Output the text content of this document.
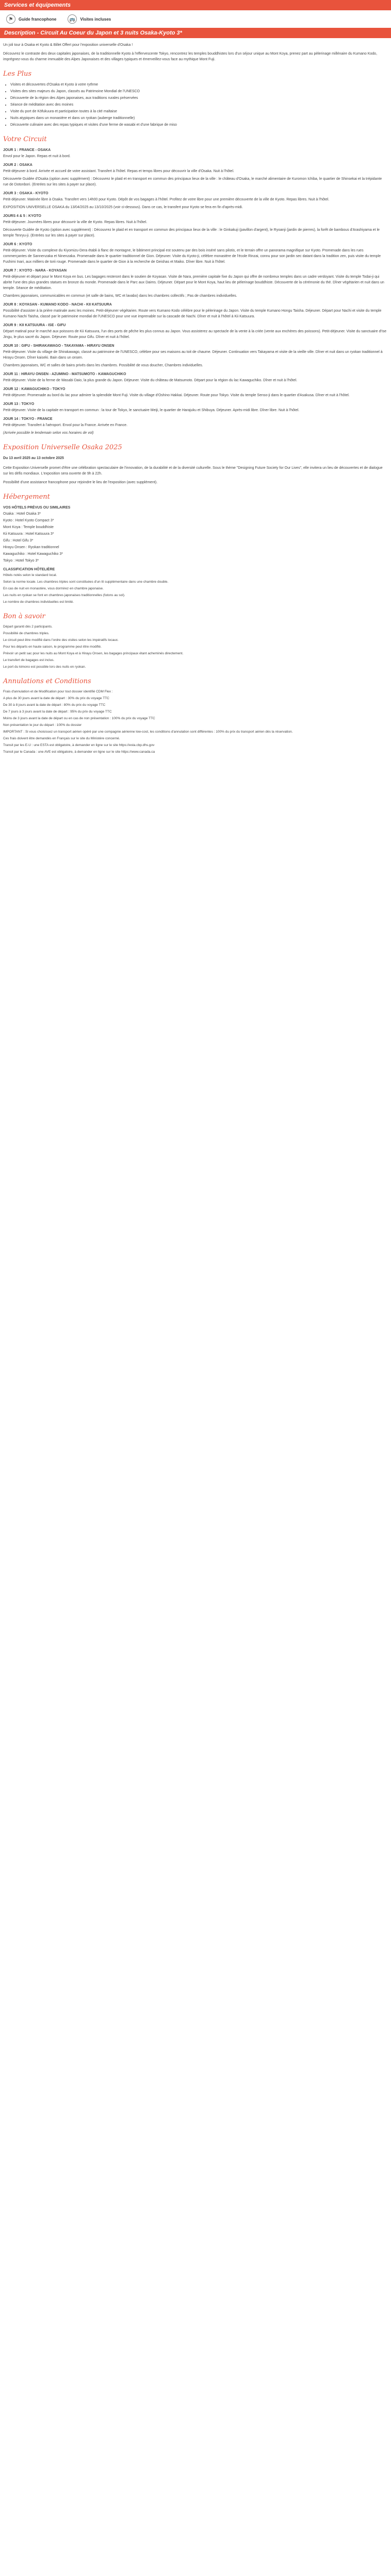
Services et équipements
⚑	Guide francophone	🚌	Visites incluses
Description - Circuit Au Coeur du Japon et 3 nuits Osaka-Kyoto 3*

Un joli tour à Osaka et Kyoto & Billet Offert pour l'exposition universelle d'Osaka !

Découvrez le contraste des deux capitales japonaises, de la traditionnelle Kyoto à l'effervescente Tokyo, rencontrez les temples bouddhistes lors d'un séjour unique au Mont Koya, prenez part au pèlerinage millénaire du Kumano Kodo, imprégnez-vous du charme immuable des Alpes Japonaises et des villages typiques et émerveillez-vous face au mythique Mont Fuji.

Les Plus
• Visites et découvertes d'Osaka et Kyoto à votre rythme
• Visites des sites majeurs du Japon, classés au Patrimoine Mondial de l'UNESCO
• Découverte de la région des Alpes japonaises, aux traditions rurales préservées
• Séance de méditation avec des moines
• Visite du port de Kōfukuura et participation toutes à la cité maltaise
• Nuits atypiques dans un monastère et dans un ryokan (auberge traditionnelle)
• Découverte culinaire avec des repas typiques et visites d'une ferme de wasabi et d'une fabrique de miso
Votre Circuit
JOUR 1 : FRANCE - OSAKA

Envol pour le Japon. Repas et nuit à bord.

JOUR 2 : OSAKA

Petit-déjeuner à bord. Arrivée et accueil de votre assistant. Transfert à l'hôtel. Repas et temps libres pour découvrir la ville d'Osaka. Nuit à l'hôtel.

Découverte Guidée d'Osaka (option avec supplément) : Découvrez le plaid et en transport en commun des principaux lieux de la ville : le château d'Osaka, le marché alimentaire de Kuromon Ichiba, le quartier de Shinsekai et la trépidante rue de Dotonbori. (Entrées sur les sites à payer sur place).

JOUR 3 : OSAKA - KYOTO

Petit-déjeuner. Matinée libre à Osaka. Transfert vers 14h00 pour Kyoto. Dépôt de vos bagages à l'hôtel. Profitez de votre libre pour une première découverte de la ville de Kyoto. Repas libres. Nuit à l'hôtel.

EXPOSITION UNIVERSELLE OSAKA du 13/04/2025 au 13/10/2025 (voir ci-dessous). Dans ce cas, le transfert pour Kyoto se fera en fin d'après-midi.

JOURS 4 & 5 : KYOTO

Petit-déjeuner. Journées libres pour découvrir la ville de Kyoto. Repas libres. Nuit à l'hôtel.

Découverte Guidée de Kyoto (option avec supplément) : Découvrez le plaid et en transport en commun des principaux lieux de la ville : le Ginkakuji (pavillon d'argent), le Ryoanji (jardin de pierres), la forêt de bambous d'Arashiyama et le temple Tenryu-ji. (Entrées sur les sites à payer sur place).

JOUR 6 : KYOTO

Petit-déjeuner. Visite du complexe du Kiyomizu-Dera établi à flanc de montagne, le bâtiment principal est soutenu par des bois inséré sans pilotis, et le terrain offre un panorama magnifique sur Kyoto. Promenade dans les rues commerçantes de Sannenzaka et Ninenzaka. Promenade dans le quartier traditionnel de Gion. Déjeuner. Visite du Kyoto-ji, célèbre monastère de l'école Rinzai, connu pour son jardin sec datant dans la tradition zen, puis visite du temple Fushimi Inari, aux milliers de torii rouge. Promenade dans le quartier de Gion à la recherche de Geishas et Maiko. Dîner libre. Nuit à l'hôtel.

JOUR 7 : KYOTO - NARA - KOYASAN

Petit-déjeuner et départ pour le Mont Koya en bus. Les bagages resteront dans le soutien de Koyasan. Visite de Nara, première capitale fixe du Japon qui offre de nombreux temples dans un cadre verdoyant. Visite du temple Todai-ji qui abrite l'une des plus grandes statues en bronze du monde. Promenade dans le Parc aux Daims. Déjeuner. Départ pour le Mont Koya, haut lieu de pèlerinage bouddhiste. Découverte de la cérémonie du thé. Dîner végétarien et nuit dans un temple. Séance de méditation.

Chambres japonaises, communicables en commun (et salle de bains, WC et lavabo) dans les chambres collectifs ; Pas de chambres individuelles.

JOUR 8 : KOYASAN - KUMANO KODO - NACHI - KII KATSUURA

Possibilité d'assister à la prière matinale avec les moines. Petit-déjeuner végétarien. Route vers Kumano Kodo célèbre pour le pèlerinage du Japon. Visite du temple Kumano Hongu Taisha. Déjeuner. Départ pour Nachi et visite du temple Kumano Nachi Taisha, classé par le patrimoine mondial de l'UNESCO pour une vue imprenable sur la cascade de Nachi. Dîner et nuit à l'hôtel à Kii Katsuura.

JOUR 9 : KII KATSUURA - ISE - GIFU

Départ matinal pour le marché aux poissons de Kii Katsuura, l'un des ports de pêche les plus connus au Japon. Vous assisterez au spectacle de la vente à la criée (vente aux enchères des poissons). Petit-déjeuner. Visite du sanctuaire d'Ise Jingu, le plus sacré du Japon. Déjeuner. Route pour Gifu. Dîner et nuit à l'hôtel.

JOUR 10 : GIFU - SHIRAKAWAGO - TAKAYAMA - HIRAYU ONSEN

Petit-déjeuner. Visite du village de Shirakawago, classé au patrimoine de l'UNESCO, célèbre pour ses maisons au toit de chaume. Déjeuner. Continuation vers Takayama et visite de la vieille ville. Dîner et nuit dans un ryokan traditionnel à Hirayu Onsen. Dîner kaiseki. Bain dans un onsen.

Chambres japonaises, WC et salles de bains privés dans les chambres. Possibilité de vous doucher, Chambres individuelles.

JOUR 11 : HIRAYU ONSEN - AZUMINO - MATSUMOTO - KAWAGUCHIKO

Petit-déjeuner. Visite de la ferme de Wasabi Daio, la plus grande du Japon. Déjeuner. Visite du château de Matsumoto. Départ pour la région du lac Kawaguchiko. Dîner et nuit à l'hôtel.

JOUR 12 : KAWAGUCHIKO - TOKYO

Petit-déjeuner. Promenade au bord du lac pour admirer la splendide Mont Fuji. Visite du village d'Oshino Hakkai. Déjeuner. Route pour Tokyo. Visite du temple Senso-ji dans le quartier d'Asakusa. Dîner et nuit à l'hôtel.

JOUR 13 : TOKYO

Petit-déjeuner. Visite de la capitale en transport en commun : la tour de Tokyo, le sanctuaire Meiji, le quartier de Harajuku et Shibuya. Déjeuner. Après-midi libre. Dîner libre. Nuit à l'hôtel.

JOUR 14 : TOKYO - FRANCE

Petit-déjeuner. Transfert à l'aéroport. Envol pour la France. Arrivée en France.

(Arrivée possible le lendemain selon vos horaires de vol)

Exposition Universelle Osaka 2025
Du 13 avril 2025 au 13 octobre 2025

Cette Exposition Universelle promet d'être une célébration spectaculaire de l'innovation, de la durabilité et de la diversité culturelle. Sous le thème "Designing Future Society for Our Lives", elle invitera un lieu de découvertes et de dialogue sur les défis mondiaux. L'exposition sera ouverte de 9h à 22h.

Possibilité d'une assistance francophone pour rejoindre le lieu de l'exposition (avec supplément).

Hébergement
VOS HÔTELS PRÉVUS OU SIMILAIRES
Osaka : Hotel Osaka 3*
Kyoto : Hotel Kyoto Compact 3*
Mont Koya : Temple bouddhiste
Kii Katsuura : Hotel Katsuura 3*
Gifu : Hotel Gifu 3*
Hirayu Onsen : Ryokan traditionnel
Kawaguchiko : Hotel Kawaguchiko 3*
Tokyo : Hotel Tokyo 3*
CLASSIFICATION HÔTELIÈRE

Hôtels notés selon le standard local.

Selon la norme locale. Les chambres triples sont constituées d'un lit supplémentaire dans une chambre double.

En cas de nuit en monastère, vous dormirez en chambre japonaise.

Les nuits en ryokan se font en chambres japonaises traditionnelles (futons au sol).

Le nombre de chambres individuelles est limité.

Bon à savoir

Départ garanti dès 2 participants.

Possibilité de chambres triples.

Le circuit peut être modifié dans l'ordre des visites selon les impératifs locaux.

Pour les départs en haute saison, le programme peut être modifié.

Prévoir un petit sac pour les nuits au Mont Koya et à Hirayu Onsen, les bagages principaux étant acheminés directement.

Le transfert de bagages est inclus.

Le port du kimono est possible lors des nuits en ryokan.

Annulations et Conditions

Frais d'annulation et de Modification pour tout dossier identifié CDM Flex :

A plus de 30 jours avant la date de départ : 30% du prix du voyage TTC

De 30 à 8 jours avant la date de départ : 80% du prix du voyage TTC

De 7 jours à 3 jours avant la date de départ : 95% du prix du voyage TTC

Moins de 3 jours avant la date de départ ou en cas de non présentation : 100% du prix du voyage TTC

Non présentation le jour du départ : 100% du dossier

IMPORTANT : Si vous choisissez un transport aérien opéré par une compagnie aérienne low-cost, les conditions d'annulation sont différentes : 100% du prix du transport aérien dès la réservation.

Ces frais doivent être demandés en Français sur le site du Ministère concerné.

Transit par les E-U : une ESTA est obligatoire, à demander en ligne sur le site https://esta.cbp.dhs.gov

Transit par le Canada : une AVE est obligatoire, à demander en ligne sur le site https://www.canada.ca
